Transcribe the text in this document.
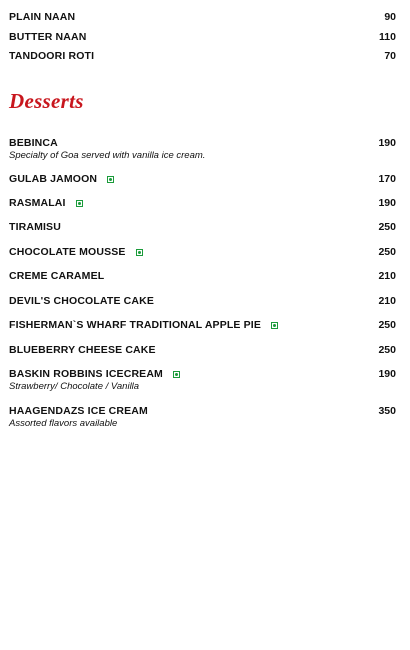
PLAIN NAAN	90
BUTTER NAAN	110
TANDOORI ROTI	70
Desserts
BEBINCA	190
Specialty of Goa served with vanilla ice cream.
GULAB JAMOON	170
RASMALAI	190
TIRAMISU	250
CHOCOLATE MOUSSE	250
CREME CARAMEL	210
DEVIL'S CHOCOLATE CAKE	210
FISHERMAN`S WHARF TRADITIONAL APPLE PIE	250
BLUEBERRY CHEESE CAKE	250
BASKIN ROBBINS ICECREAM	190
Strawberry/ Chocolate / Vanilla
HAAGENDAZS ICE CREAM	350
Assorted flavors available
